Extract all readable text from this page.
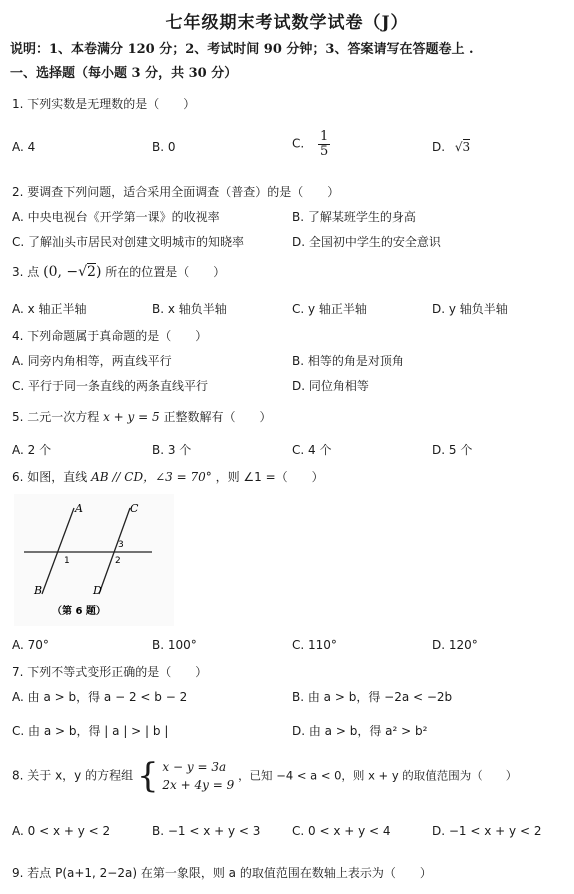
七年级期末考试数学试卷（J）
说明：1、本卷满分 120 分；2、考试时间 90 分钟；3、答案请写在答题卷上 .
一、选择题（每小题 3 分，共 30 分）
1. 下列实数是无理数的是（　　）
A. 4	B. 0	C. $\frac{1}{5}$	D. √3
2. 要调查下列问题，适合采用全面调查（普查）的是（　　）
A. 中央电视台《开学第一课》的收视率	B. 了解某班学生的身高
C. 了解汕头市居民对创建文明城市的知晓率	D. 全国初中学生的安全意识
3. 点 (0, −√2) 所在的位置是（　　）
A. x 轴正半轴	B. x 轴负半轴	C. y 轴正半轴	D. y 轴负半轴
4. 下列命题属于真命题的是（　　）
A. 同旁内角相等，两直线平行	B. 相等的角是对顶角
C. 平行于同一条直线的两条直线平行	D. 同位角相等
5. 二元一次方程 x + y = 5 正整数解有（　　）
A. 2 个	B. 3 个	C. 4 个	D. 5 个
6. 如图，直线 AB // CD，∠3 = 70° ，则 ∠1 =（　　）
A
B
C
D
1	2
3
（第 6 题）
A. 70°	B. 100°	C. 110°	D. 120°
7. 下列不等式变形正确的是（　　）
A. 由 a > b，得 a − 2 < b − 2	B. 由 a > b，得 −2a < −2b
C. 由 a > b，得 | a | > | b |	D. 由 a > b，得 a² > b²
8. 关于 x，y 的方程组 { x − y = 3a
2x + 4y = 9
，已知 −4 < a < 0，则 x + y 的取值范围为（　　）
A. 0 < x + y < 2	B. −1 < x + y < 3	C. 0 < x + y < 4	D. −1 < x + y < 2
9. 若点 P(a+1, 2−2a) 在第一象限，则 a 的取值范围在数轴上表示为（　　）
